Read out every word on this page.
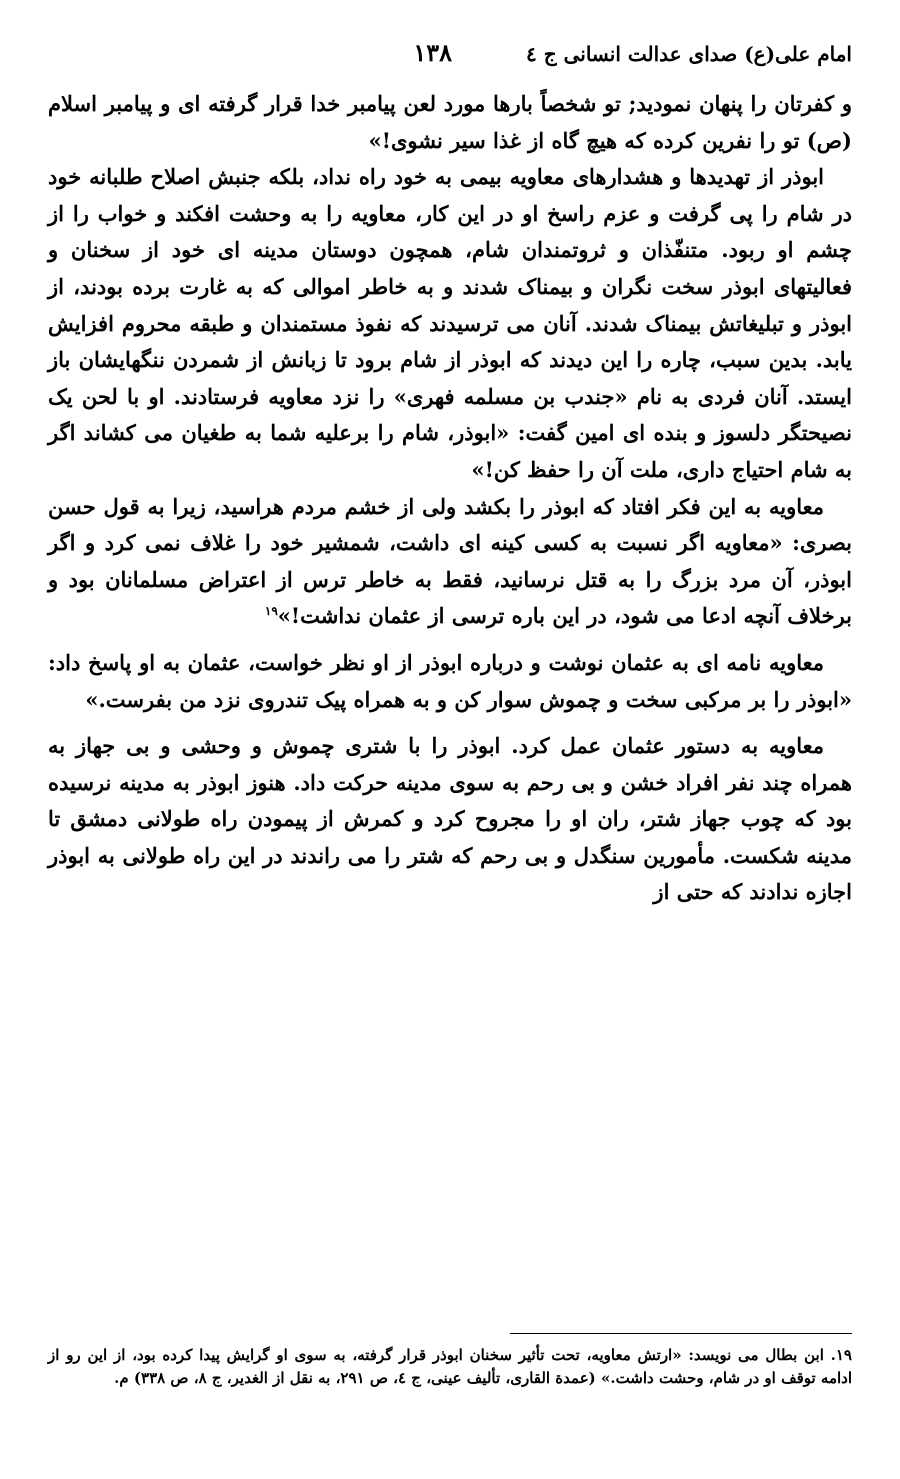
امام علی(ع) صدای عدالت انسانی ج ٤
١٣٨

و کفرتان را پنهان نمودید; تو شخصاً بارها مورد لعن پیامبر خدا قرار گرفته ای و پیامبر اسلام (ص) تو را نفرین کرده که هیچ گاه از غذا سیر نشوی!»

ابوذر از تهدیدها و هشدارهای معاویه بیمی به خود راه نداد، بلکه جنبش اصلاح طلبانه خود در شام را پی گرفت و عزم راسخ او در این کار، معاویه را به وحشت افکند و خواب را از چشم او ربود. متنفّذان و ثروتمندان شام، همچون دوستان مدینه ای خود از سخنان و فعالیتهای ابوذر سخت نگران و بیمناک شدند و به خاطر اموالی که به غارت برده بودند، از ابوذر و تبلیغاتش بیمناک شدند. آنان می ترسیدند که نفوذ مستمندان و طبقه محروم افزایش یابد. بدین سبب، چاره را این دیدند که ابوذر از شام برود تا زبانش از شمردن ننگهایشان باز ایستد. آنان فردی به نام «جندب بن مسلمه فهری» را نزد معاویه فرستادند. او با لحن یک نصیحتگر دلسوز و بنده ای امین گفت: «ابوذر، شام را برعلیه شما به طغیان می کشاند اگر به شام احتیاج داری، ملت آن را حفظ کن!»

معاویه به این فکر افتاد که ابوذر را بکشد ولی از خشم مردم هراسید، زیرا به قول حسن بصری: «معاویه اگر نسبت به کسی کینه ای داشت، شمشیر خود را غلاف نمی کرد و اگر ابوذر، آن مرد بزرگ را به قتل نرسانید، فقط به خاطر ترس از اعتراض مسلمانان بود و برخلاف آنچه ادعا می شود، در این باره ترسی از عثمان نداشت!»$^{١٩}$

معاویه نامه ای به عثمان نوشت و درباره ابوذر از او نظر خواست، عثمان به او پاسخ داد: «ابوذر را بر مرکبی سخت و چموش سوار کن و به همراه پیک تندروی نزد من بفرست.»

معاویه به دستور عثمان عمل کرد. ابوذر را با شتری چموش و وحشی و بی جهاز به همراه چند نفر افراد خشن و بی رحم به سوی مدینه حرکت داد. هنوز ابوذر به مدینه نرسیده بود که چوب جهاز شتر، ران او را مجروح کرد و کمرش از پیمودن راه طولانی دمشق تا مدینه شکست. مأمورین سنگدل و بی رحم که شتر را می راندند در این راه طولانی به ابوذر اجازه ندادند که حتی از

١٩. ابن بطال می نویسد: «ارتش معاویه، تحت تأثیر سخنان ابوذر قرار گرفته، به سوی او گرایش پیدا کرده بود، از این رو از ادامه توقف او در شام، وحشت داشت.» (عمدة القاری، تألیف عینی، ج ٤، ص ٢٩١، به نقل از الغدیر، ج ٨، ص ٣٣٨) م.
